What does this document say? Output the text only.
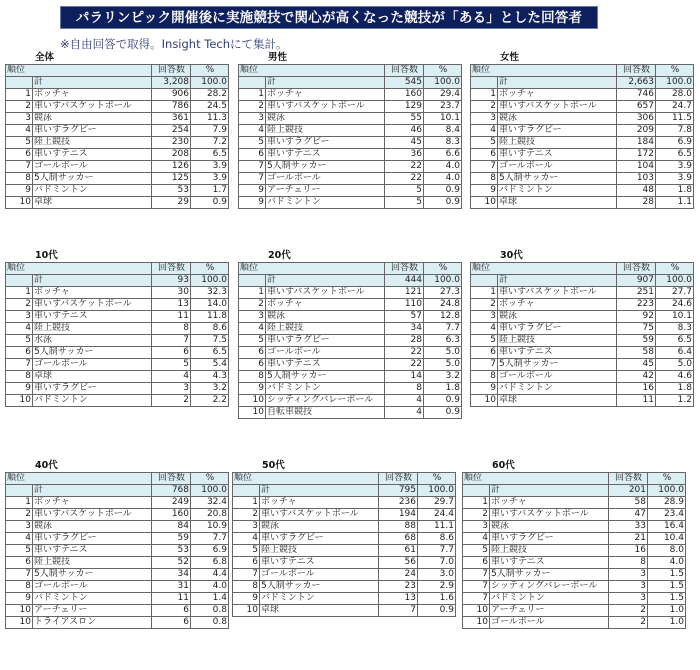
パラリンピック開催後に実施競技で関心が高くなった競技が「ある」とした回答者
※自由回答で取得。Insight Techにて集計。
全体
順位		回答数	%
	計	3,208	100.0
1	ボッチャ	906	28.2
2	車いすバスケットボール	786	24.5
3	競泳	361	11.3
4	車いすラグビー	254	7.9
5	陸上競技	230	7.2
6	車いすテニス	208	6.5
7	ゴールボール	126	3.9
8	5人制サッカー	125	3.9
9	バドミントン	53	1.7
10	卓球	29	0.9
男性
順位		回答数	%
	計	545	100.0
1	ボッチャ	160	29.4
2	車いすバスケットボール	129	23.7
3	競泳	55	10.1
4	陸上競技	46	8.4
5	車いすラグビー	45	8.3
6	車いすテニス	36	6.6
7	5人制サッカー	22	4.0
7	ゴールボール	22	4.0
9	アーチェリー	5	0.9
9	バドミントン	5	0.9
女性
順位		回答数	%
	計	2,663	100.0
1	ボッチャ	746	28.0
2	車いすバスケットボール	657	24.7
3	競泳	306	11.5
4	車いすラグビー	209	7.8
5	陸上競技	184	6.9
6	車いすテニス	172	6.5
7	ゴールボール	104	3.9
8	5人制サッカー	103	3.9
9	バドミントン	48	1.8
10	卓球	28	1.1
10代
順位		回答数	%
	計	93	100.0
1	ボッチャ	30	32.3
2	車いすバスケットボール	13	14.0
3	車いすテニス	11	11.8
4	陸上競技	8	8.6
5	水泳	7	7.5
6	5人制サッカー	6	6.5
7	ゴールボール	5	5.4
8	卓球	4	4.3
9	車いすラグビー	3	3.2
10	バドミントン	2	2.2
20代
順位		回答数	%
	計	444	100.0
1	車いすバスケットボール	121	27.3
2	ボッチャ	110	24.8
3	競泳	57	12.8
4	陸上競技	34	7.7
5	車いすラグビー	28	6.3
6	ゴールボール	22	5.0
6	車いすテニス	22	5.0
8	5人制サッカー	14	3.2
9	バドミントン	8	1.8
10	シッティングバレーボール	4	0.9
10	自転車競技	4	0.9
30代
順位		回答数	%
	計	907	100.0
1	車いすバスケットボール	251	27.7
2	ボッチャ	223	24.6
3	競泳	92	10.1
4	車いすラグビー	75	8.3
5	陸上競技	59	6.5
6	車いすテニス	58	6.4
7	5人制サッカー	45	5.0
8	ゴールボール	42	4.6
9	バドミントン	16	1.8
10	卓球	11	1.2
40代
順位		回答数	%
	計	768	100.0
1	ボッチャ	249	32.4
2	車いすバスケットボール	160	20.8
3	競泳	84	10.9
4	車いすラグビー	59	7.7
5	車いすテニス	53	6.9
6	陸上競技	52	6.8
7	5人制サッカー	34	4.4
8	ゴールボール	31	4.0
9	バドミントン	11	1.4
10	アーチェリー	6	0.8
10	トライアスロン	6	0.8
50代
順位		回答数	%
	計	795	100.0
1	ボッチャ	236	29.7
2	車いすバスケットボール	194	24.4
3	競泳	88	11.1
4	車いすラグビー	68	8.6
5	陸上競技	61	7.7
6	車いすテニス	56	7.0
7	ゴールボール	24	3.0
8	5人制サッカー	23	2.9
9	バドミントン	13	1.6
10	卓球	7	0.9
60代
順位		回答数	%
	計	201	100.0
1	ボッチャ	58	28.9
2	車いすバスケットボール	47	23.4
3	競泳	33	16.4
4	車いすラグビー	21	10.4
5	陸上競技	16	8.0
6	車いすテニス	8	4.0
7	5人制サッカー	3	1.5
7	シッティングバレーボール	3	1.5
7	バドミントン	3	1.5
10	アーチェリー	2	1.0
10	ゴールボール	2	1.0
